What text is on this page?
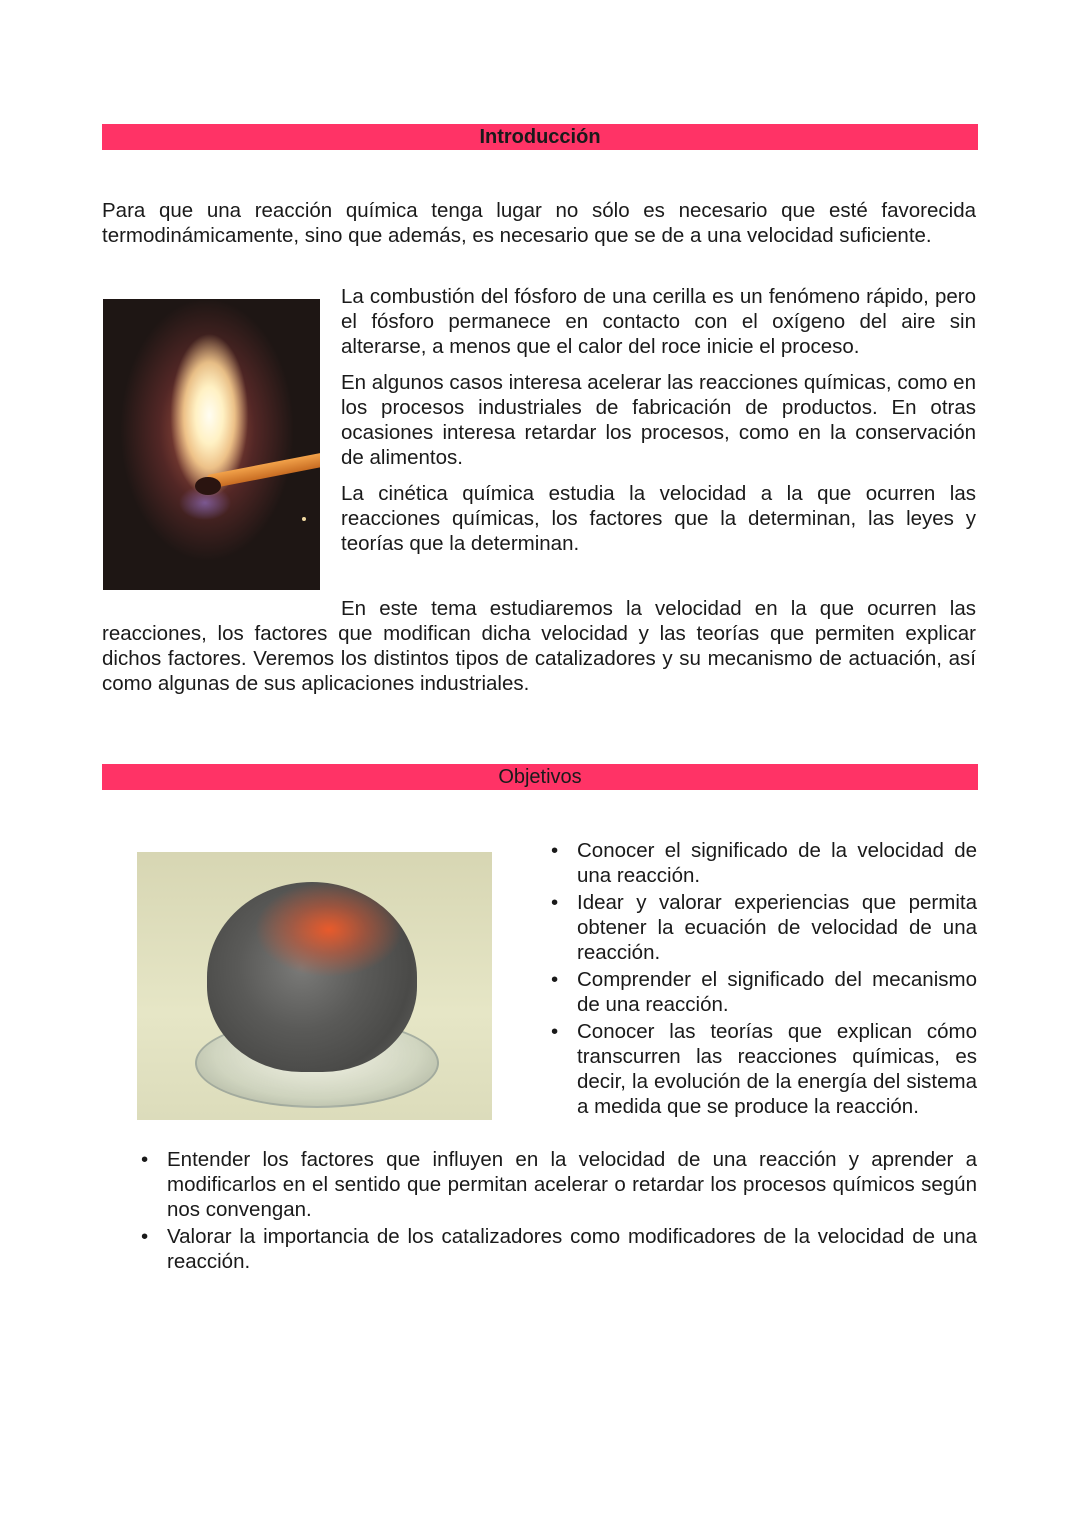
Introducción

Para que una reacción química tenga lugar no sólo es necesario que esté favorecida termodinámicamente, sino que además, es necesario que se de a una velocidad suficiente.

La combustión del fósforo de una cerilla es un fenómeno rápido, pero el fósforo permanece en contacto con el oxígeno del aire sin alterarse, a menos que el calor del roce inicie el proceso.

En algunos casos interesa acelerar las reacciones químicas, como en los procesos industriales de fabricación de productos. En otras ocasiones interesa retardar los procesos, como en la conservación de alimentos.

La cinética química estudia la velocidad a la que ocurren las reacciones químicas, los factores que la determinan, las leyes y teorías que la determinan.

En este tema estudiaremos la velocidad en la que ocurren las reacciones, los factores que modifican dicha velocidad y las teorías que permiten explicar dichos factores. Veremos los distintos tipos de catalizadores y su mecanismo de actuación, así como algunas de sus aplicaciones industriales.

Objetivos
• Conocer el significado de la velocidad de una reacción.
• Idear y valorar experiencias que permita obtener la ecuación de velocidad de una reacción.
• Comprender el significado del mecanismo de una reacción.
• Conocer las teorías que explican cómo transcurren las reacciones químicas, es decir, la evolución de la energía del sistema a medida que se produce la reacción.
• Entender los factores que influyen en la velocidad de una reacción y aprender a modificarlos en el sentido que permitan acelerar o retardar los procesos químicos según nos convengan.
• Valorar la importancia de los catalizadores como modificadores de la velocidad de una reacción.
